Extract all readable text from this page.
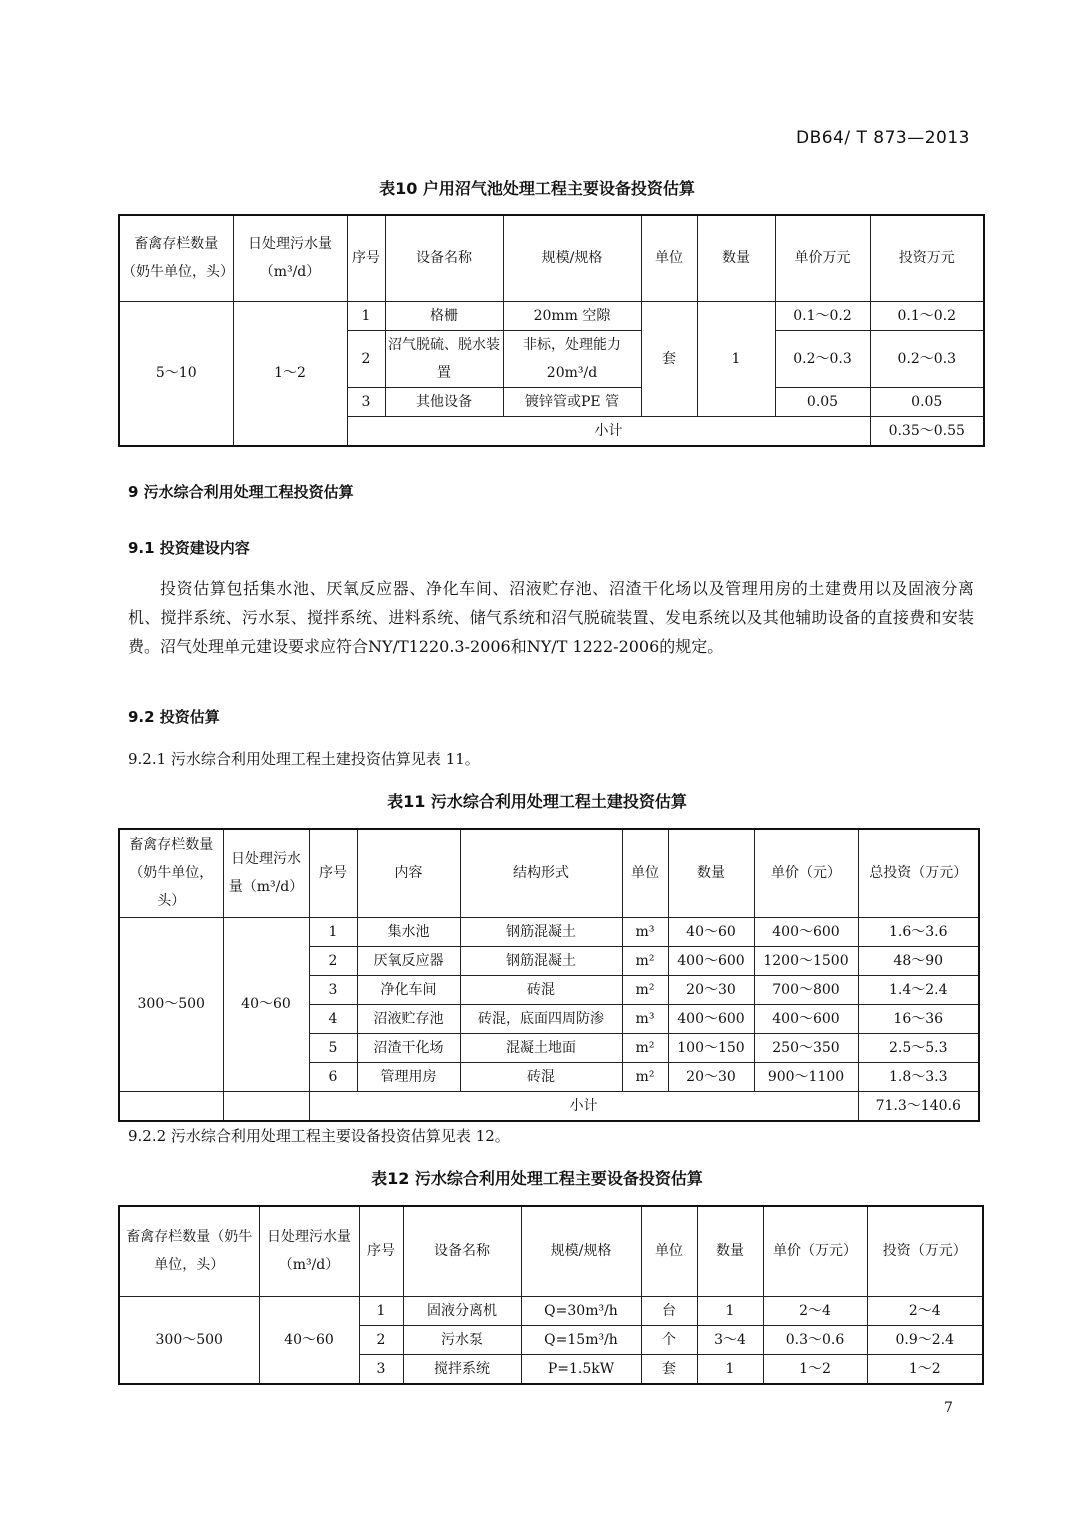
DB64/ T 873—2013
表10 户用沼气池处理工程主要设备投资估算
畜禽存栏数量（奶牛单位，头）	日处理污水量（m³/d）	序号	设备名称	规模/规格	单位	数量	单价万元	投资万元
5～10	1～2	1	格栅	20mm 空隙	套	1	0.1～0.2	0.1～0.2
		2	沼气脱硫、脱水装置	非标，处理能力20m³/d			0.2～0.3	0.2～0.3
		3	其他设备	镀锌管或PE 管			0.05	0.05
		小计						0.35～0.55
9 污水综合利用处理工程投资估算
9.1 投资建设内容
投资估算包括集水池、厌氧反应器、净化车间、沼液贮存池、沼渣干化场以及管理用房的土建费用以及固液分离机、搅拌系统、污水泵、搅拌系统、进料系统、储气系统和沼气脱硫装置、发电系统以及其他辅助设备的直接费和安装费。沼气处理单元建设要求应符合NY/T1220.3-2006和NY/T 1222-2006的规定。
9.2 投资估算
9.2.1 污水综合利用处理工程土建投资估算见表 11。
表11 污水综合利用处理工程土建投资估算
畜禽存栏数量（奶牛单位，头）	日处理污水量（m³/d）	序号	内容	结构形式	单位	数量	单价（元）	总投资（万元）
300～500	40～60	1	集水池	钢筋混凝土	m³	40～60	400～600	1.6～3.6
		2	厌氧反应器	钢筋混凝土	m²	400～600	1200～1500	48～90
		3	净化车间	砖混	m²	20～30	700～800	1.4～2.4
		4	沼液贮存池	砖混，底面四周防渗	m³	400～600	400～600	16～36
		5	沼渣干化场	混凝土地面	m²	100～150	250～350	2.5～5.3
		6	管理用房	砖混	m²	20～30	900～1100	1.8～3.3
		小计						71.3～140.6
9.2.2 污水综合利用处理工程主要设备投资估算见表 12。
表12 污水综合利用处理工程主要设备投资估算
畜禽存栏数量（奶牛单位，头）	日处理污水量（m³/d）	序号	设备名称	规模/规格	单位	数量	单价（万元）	投资（万元）
300～500	40～60	1	固液分离机	Q=30m³/h	台	1	2～4	2～4
		2	污水泵	Q=15m³/h	个	3～4	0.3～0.6	0.9～2.4
		3	搅拌系统	P=1.5kW	套	1	1～2	1～2
7
